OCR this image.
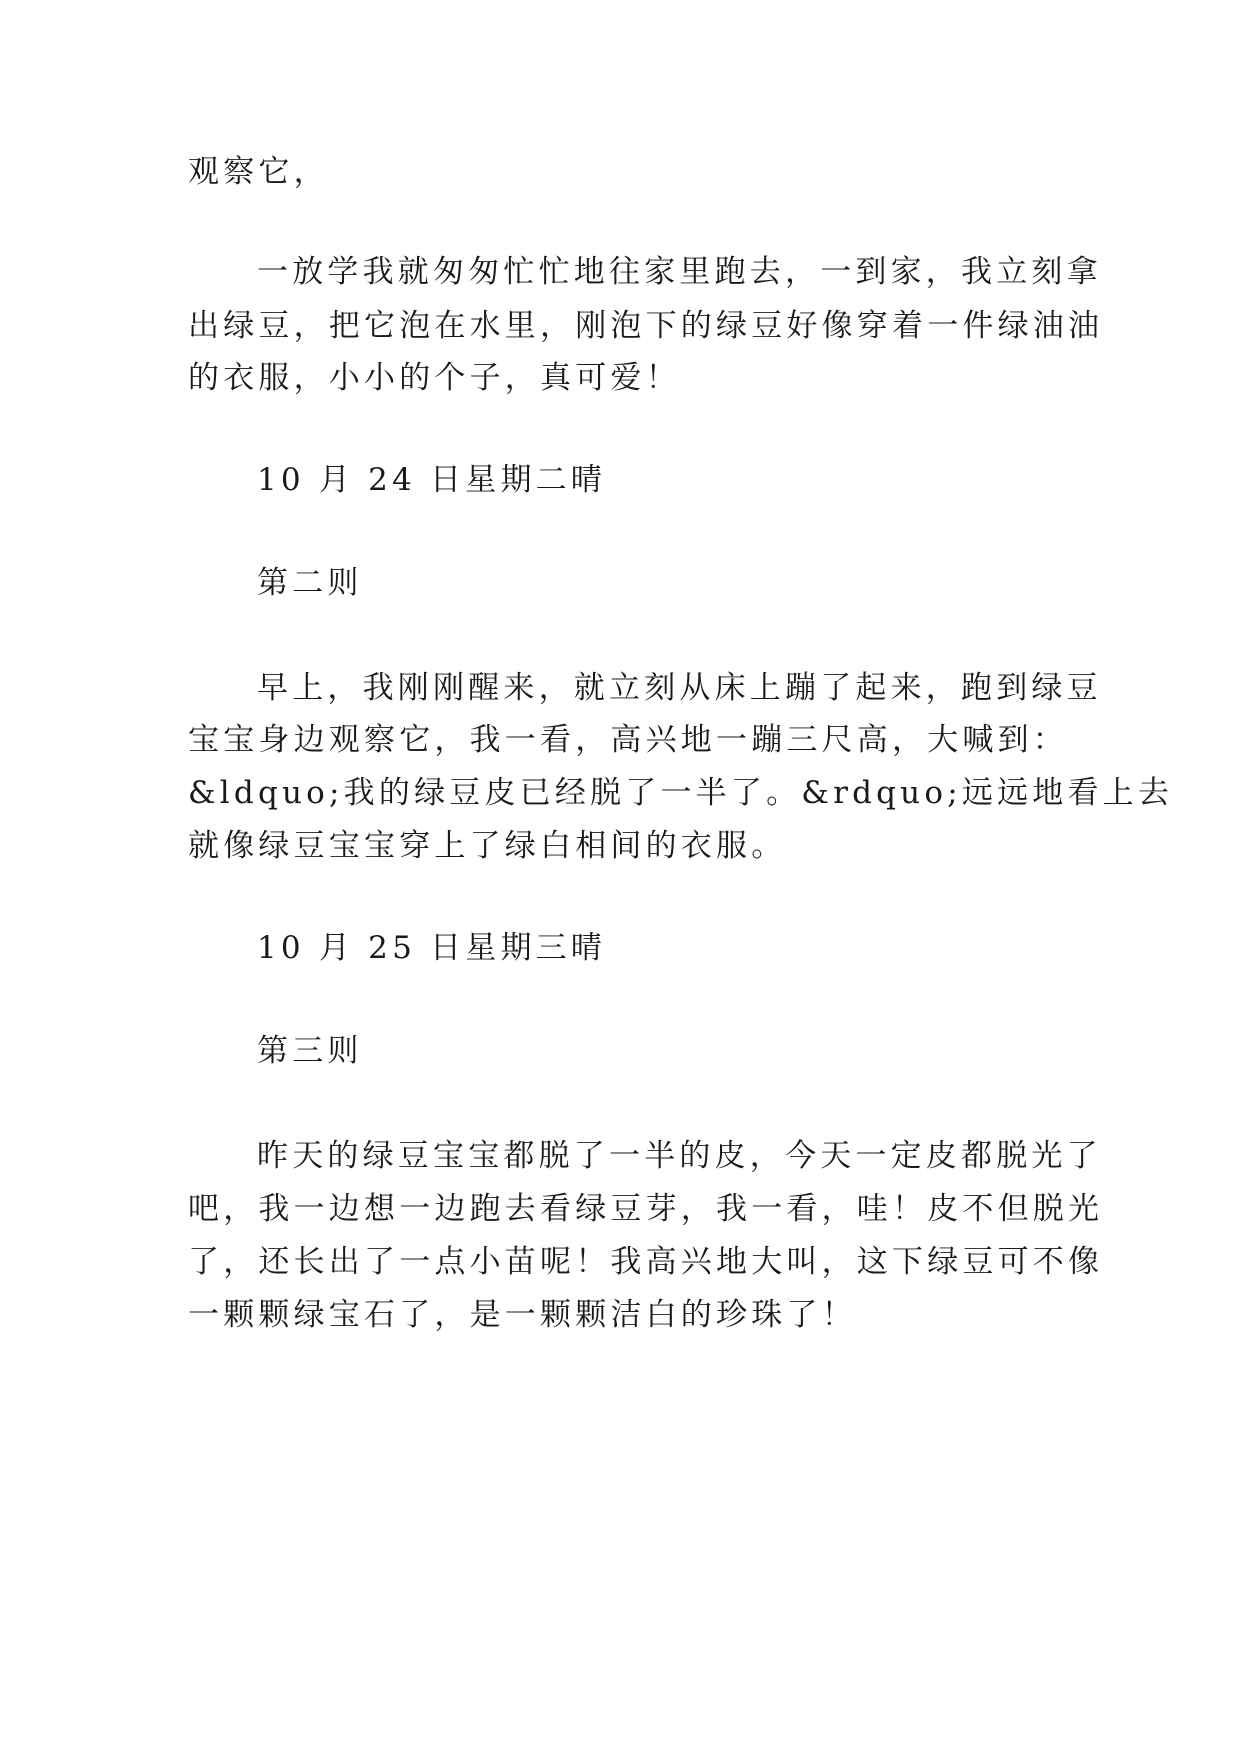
观察它，

一放学我就匆匆忙忙地往家里跑去，一到家，我立刻拿

出绿豆，把它泡在水里，刚泡下的绿豆好像穿着一件绿油油

的衣服，小小的个子，真可爱！

10 月 24 日星期二晴

第二则

早上，我刚刚醒来，就立刻从床上蹦了起来，跑到绿豆

宝宝身边观察它，我一看，高兴地一蹦三尺高，大喊到：

&ldquo;我的绿豆皮已经脱了一半了。&rdquo;远远地看上去

就像绿豆宝宝穿上了绿白相间的衣服。

10 月 25 日星期三晴

第三则

昨天的绿豆宝宝都脱了一半的皮，今天一定皮都脱光了

吧，我一边想一边跑去看绿豆芽，我一看，哇！皮不但脱光

了，还长出了一点小苗呢！我高兴地大叫，这下绿豆可不像

一颗颗绿宝石了，是一颗颗洁白的珍珠了！
